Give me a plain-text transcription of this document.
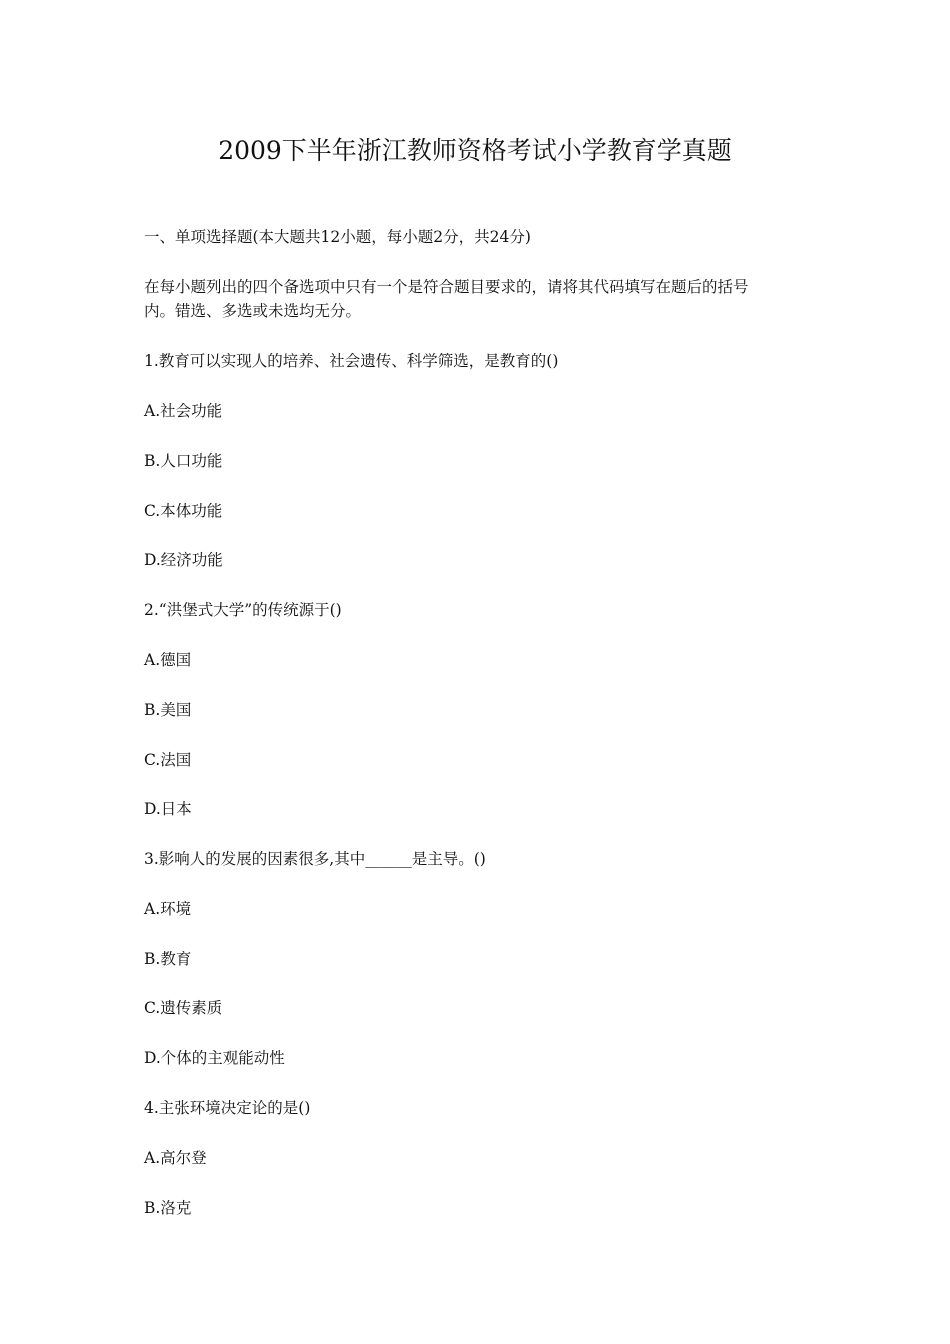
2009下半年浙江教师资格考试小学教育学真题

一、单项选择题(本大题共12小题，每小题2分，共24分)

在每小题列出的四个备选项中只有一个是符合题目要求的，请将其代码填写在题后的括号

内。错选、多选或未选均无分。

1.教育可以实现人的培养、社会遗传、科学筛选，是教育的()

A.社会功能

B.人口功能

C.本体功能

D.经济功能

2.“洪堡式大学”的传统源于()

A.德国

B.美国

C.法国

D.日本

3.影响人的发展的因素很多,其中______是主导。()

A.环境

B.教育

C.遗传素质

D.个体的主观能动性

4.主张环境决定论的是()

A.高尔登

B.洛克
